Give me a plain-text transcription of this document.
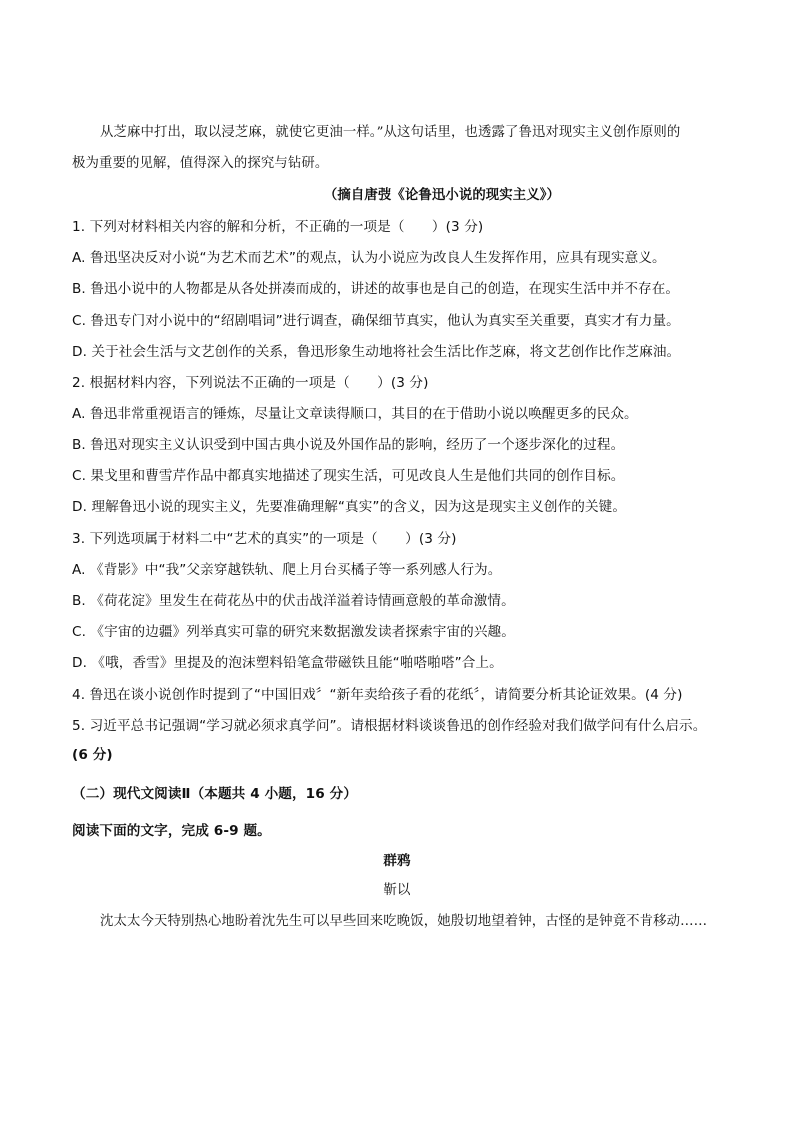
从芝麻中打出，取以浸芝麻，就使它更油一样。”从这句话里，也透露了鲁迅对现实主义创作原则的
极为重要的见解，值得深入的探究与钻研。
（摘自唐弢《论鲁迅小说的现实主义》）
1. 下列对材料相关内容的解和分析，不正确的一项是（　　）(3 分)
A. 鲁迅坚决反对小说“为艺术而艺术”的观点，认为小说应为改良人生发挥作用，应具有现实意义。
B. 鲁迅小说中的人物都是从各处拼凑而成的，讲述的故事也是自己的创造，在现实生活中并不存在。
C. 鲁迅专门对小说中的“绍剧唱词”进行调查，确保细节真实，他认为真实至关重要，真实才有力量。
D. 关于社会生活与文艺创作的关系，鲁迅形象生动地将社会生活比作芝麻，将文艺创作比作芝麻油。
2. 根据材料内容，下列说法不正确的一项是（　　）(3 分)
A. 鲁迅非常重视语言的锤炼，尽量让文章读得顺口，其目的在于借助小说以唤醒更多的民众。
B. 鲁迅对现实主义认识受到中国古典小说及外国作品的影响，经历了一个逐步深化的过程。
C. 果戈里和曹雪芹作品中都真实地描述了现实生活，可见改良人生是他们共同的创作目标。
D. 理解鲁迅小说的现实主义，先要准确理解“真实”的含义，因为这是现实主义创作的关键。
3. 下列选项属于材料二中“艺术的真实”的一项是（　　）(3 分)
A. 《背影》中“我”父亲穿越铁轨、爬上月台买橘子等一系列感人行为。
B. 《荷花淀》里发生在荷花丛中的伏击战洋溢着诗情画意般的革命激情。
C. 《宇宙的边疆》列举真实可靠的研究来数据激发读者探索宇宙的兴趣。
D. 《哦，香雪》里提及的泡沫塑料铅笔盒带磁铁且能“啪嗒啪嗒”合上。
4. 鲁迅在谈小说创作时提到了“中国旧戏〞“新年卖给孩子看的花纸〞，请简要分析其论证效果。(4 分)
5. 习近平总书记强调“学习就必须求真学问”。请根据材料谈谈鲁迅的创作经验对我们做学问有什么启示。
(6 分)
（二）现代文阅读Ⅱ（本题共 4 小题，16 分）
阅读下面的文字，完成 6-9 题。
群鸦
靳以
沈太太今天特别热心地盼着沈先生可以早些回来吃晚饭，她殷切地望着钟，古怪的是钟竟不肯移动……
